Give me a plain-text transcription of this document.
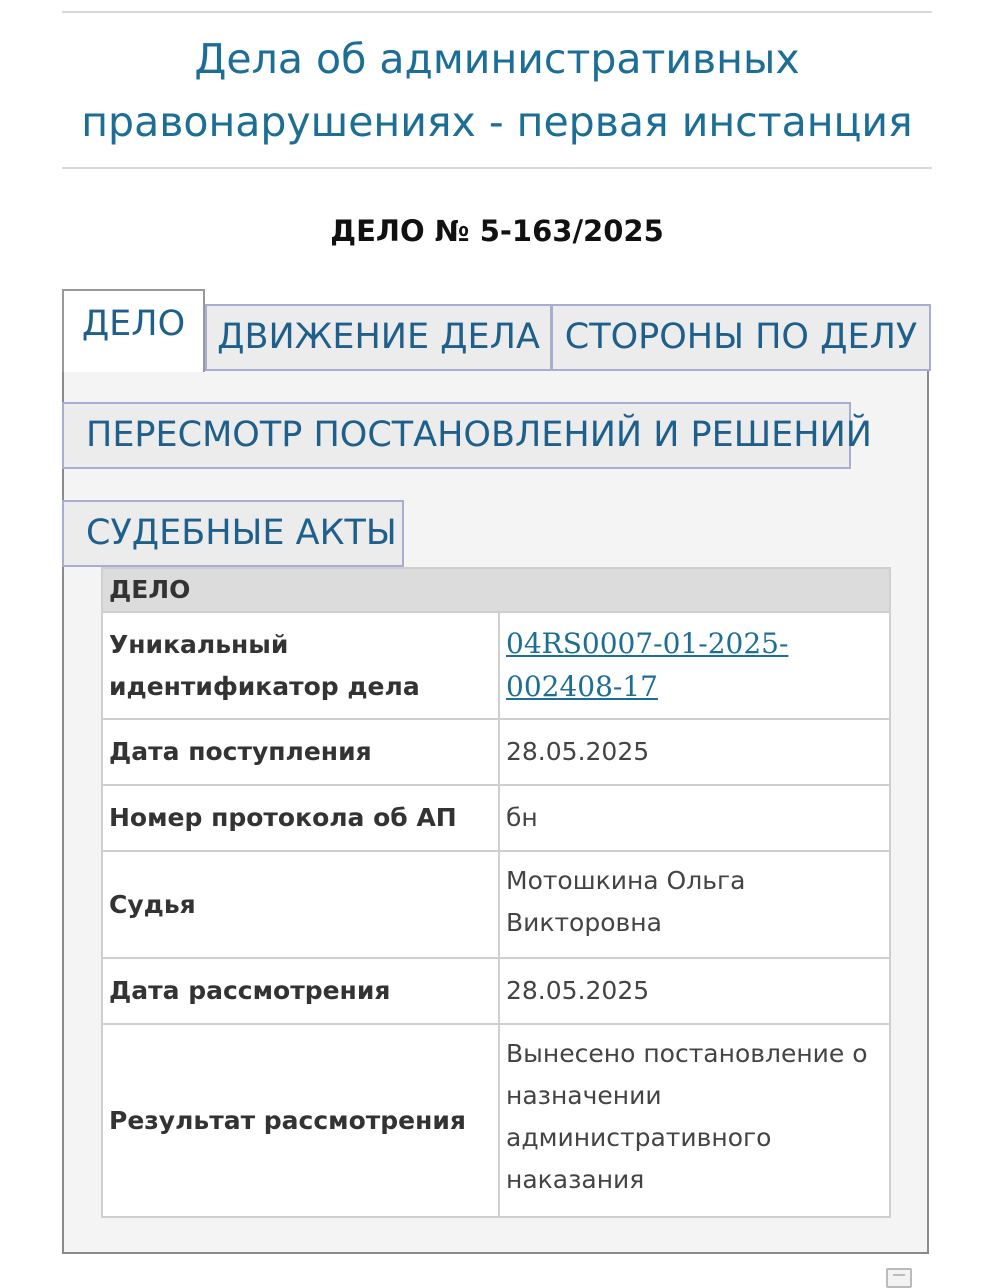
Дела об административных правонарушениях - первая инстанция
ДЕЛО № 5-163/2025
ДЕЛО ДВИЖЕНИЕ ДЕЛА СТОРОНЫ ПО ДЕЛУ
ПЕРЕСМОТР ПОСТАНОВЛЕНИЙ И РЕШЕНИЙ
СУДЕБНЫЕ АКТЫ
ДЕЛО	
Уникальный идентификатор дела	04RS0007-01-2025-002408-17
Дата поступления	28.05.2025
Номер протокола об АП	бн
Судья	Мотошкина Ольга Викторовна
Дата рассмотрения	28.05.2025
Результат рассмотрения	Вынесено постановление о назначении административного наказания
